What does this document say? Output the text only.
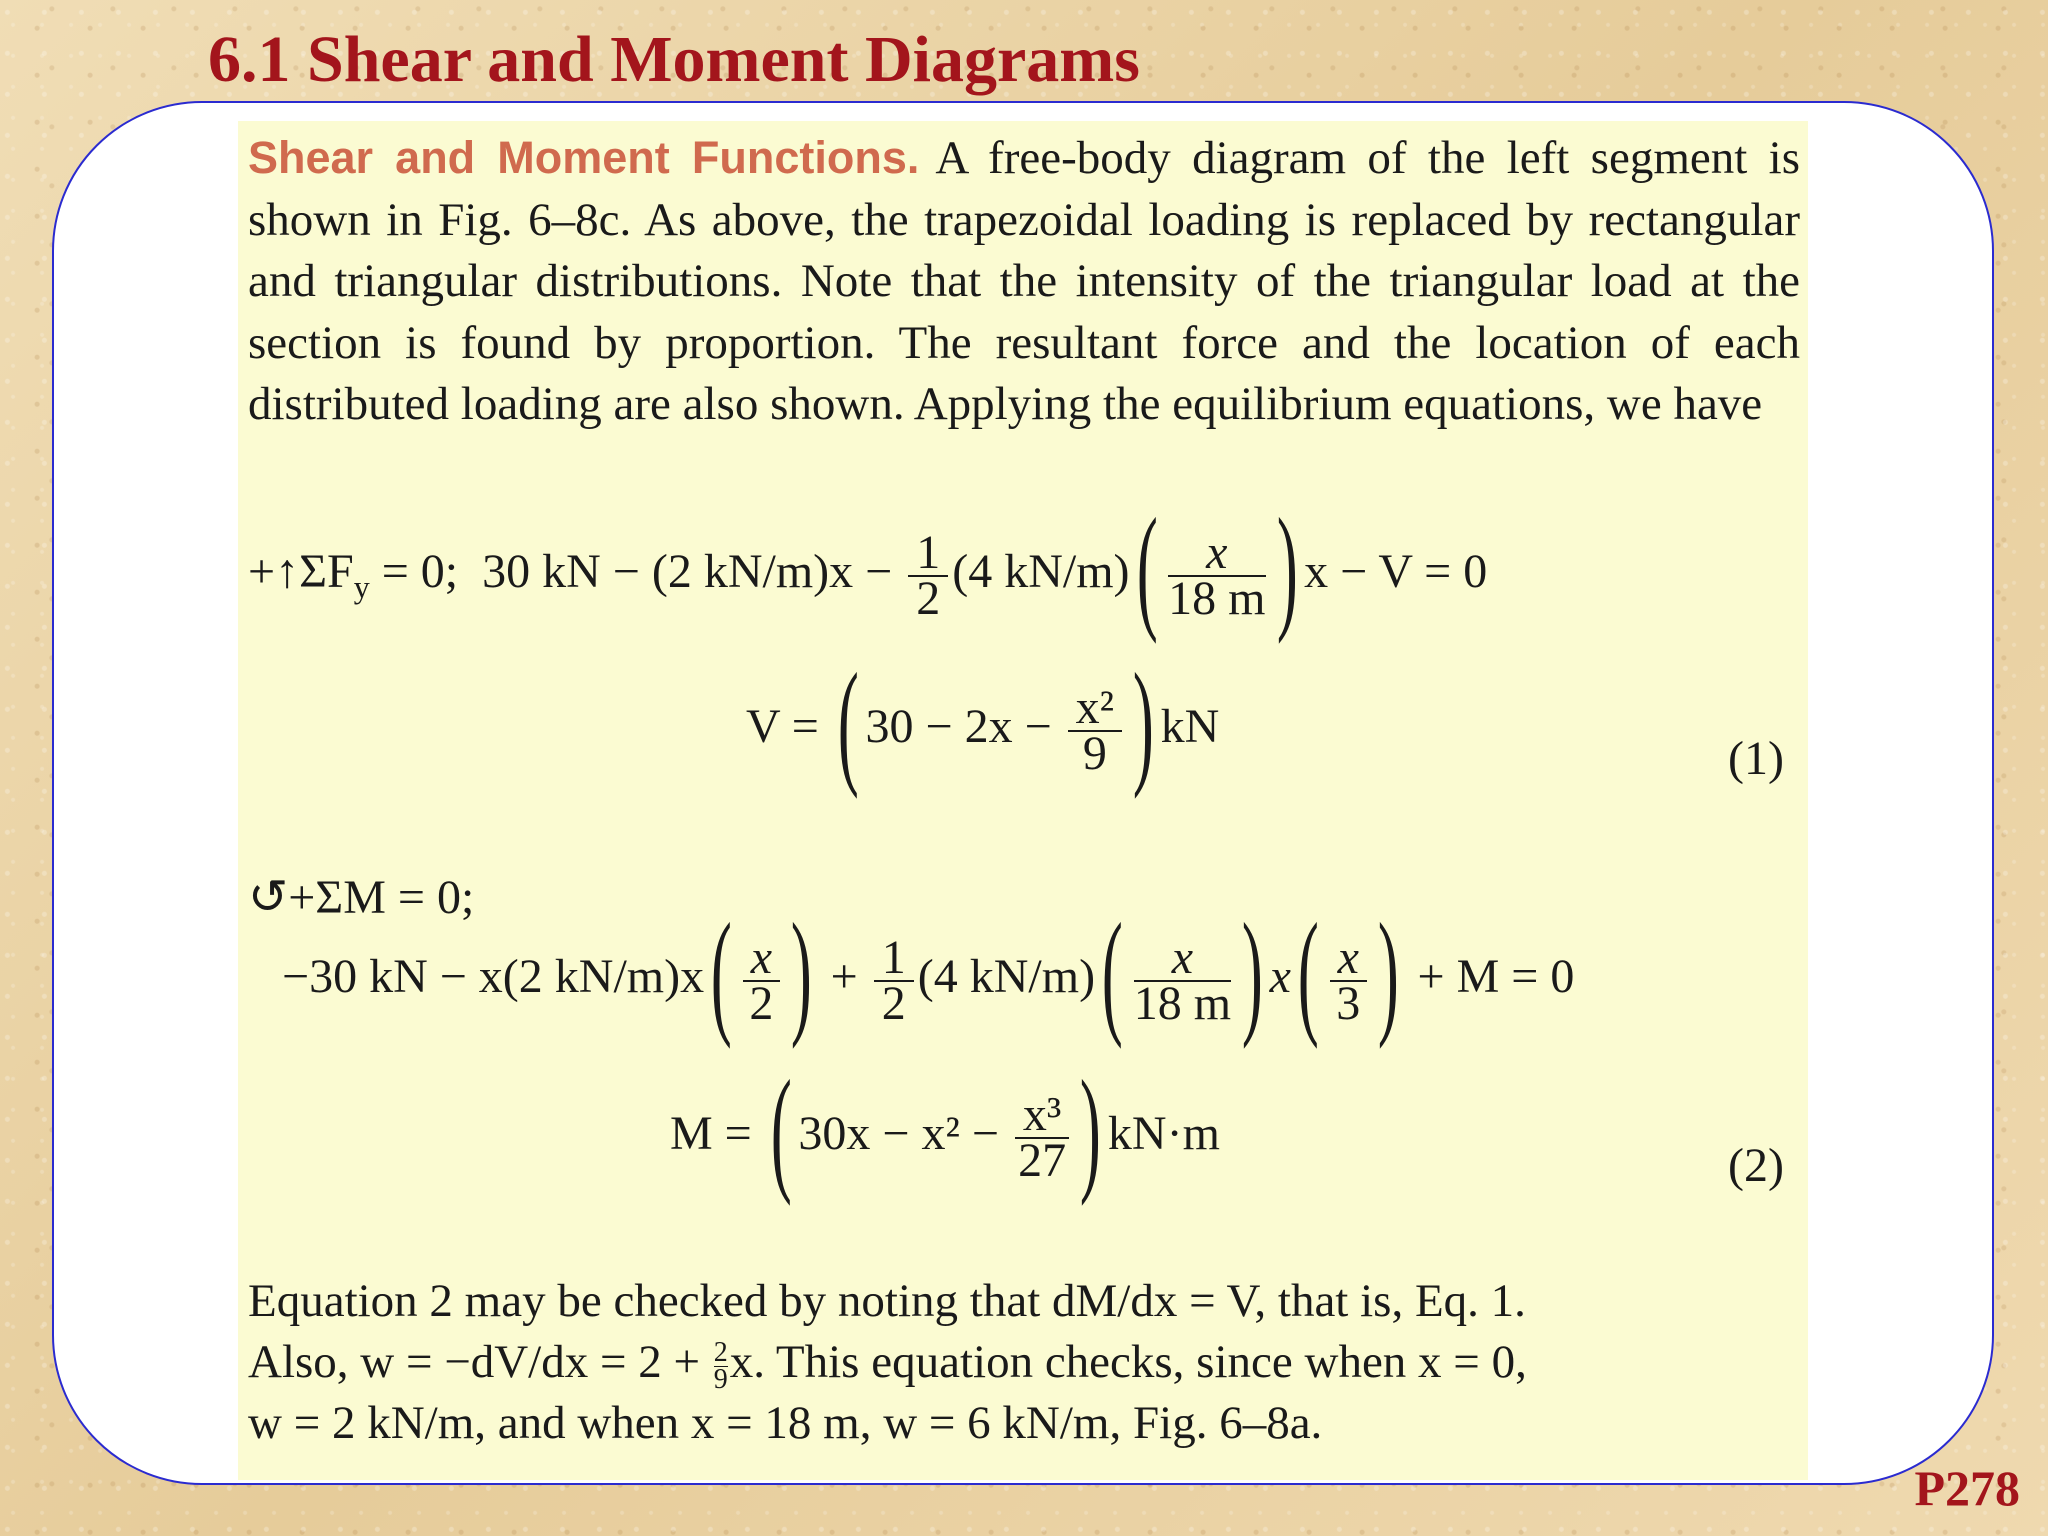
6.1 Shear and Moment Diagrams

Shear and Moment Functions. A free-body diagram of the left segment is shown in Fig. 6–8c. As above, the trapezoidal loading is replaced by rectangular and triangular distributions. Note that the intensity of the triangular load at the section is found by proportion. The resultant force and the location of each distributed loading are also shown. Applying the equilibrium equations, we have

$+↑\Sigma F_y = 0$; 30 kN − (2 $kN/m)x - \frac{1}{2} (4$ $kN/m)( \frac{x}{18 m}$ ) x − V = 0
V = ( $30 - 2x - \frac{\text{x²}}{9}$ ) kN
(1)
↺+ΣM = 0;
−30 kN − x(2 $kN/m)x( \frac{x}{2}$ ) + $\frac{1}{2} (4$ $kN/m)( \frac{x}{18 m}$ ) $x( \frac{x}{3}$ ) + M = 0
M = ( $30x - x^2 - \frac{\text{x³}}{27}$ ) kN·m
(2)
Equation 2 may be checked by noting that dM/dx = V, that is, Eq. 1.
Also, $w = -dV/dx = 2 + \frac{2}{9} x$. This equation checks, since when x = 0,
w = 2 kN/m, and when x = 18 m, w = 6 kN/m, Fig. 6–8a.

P278
